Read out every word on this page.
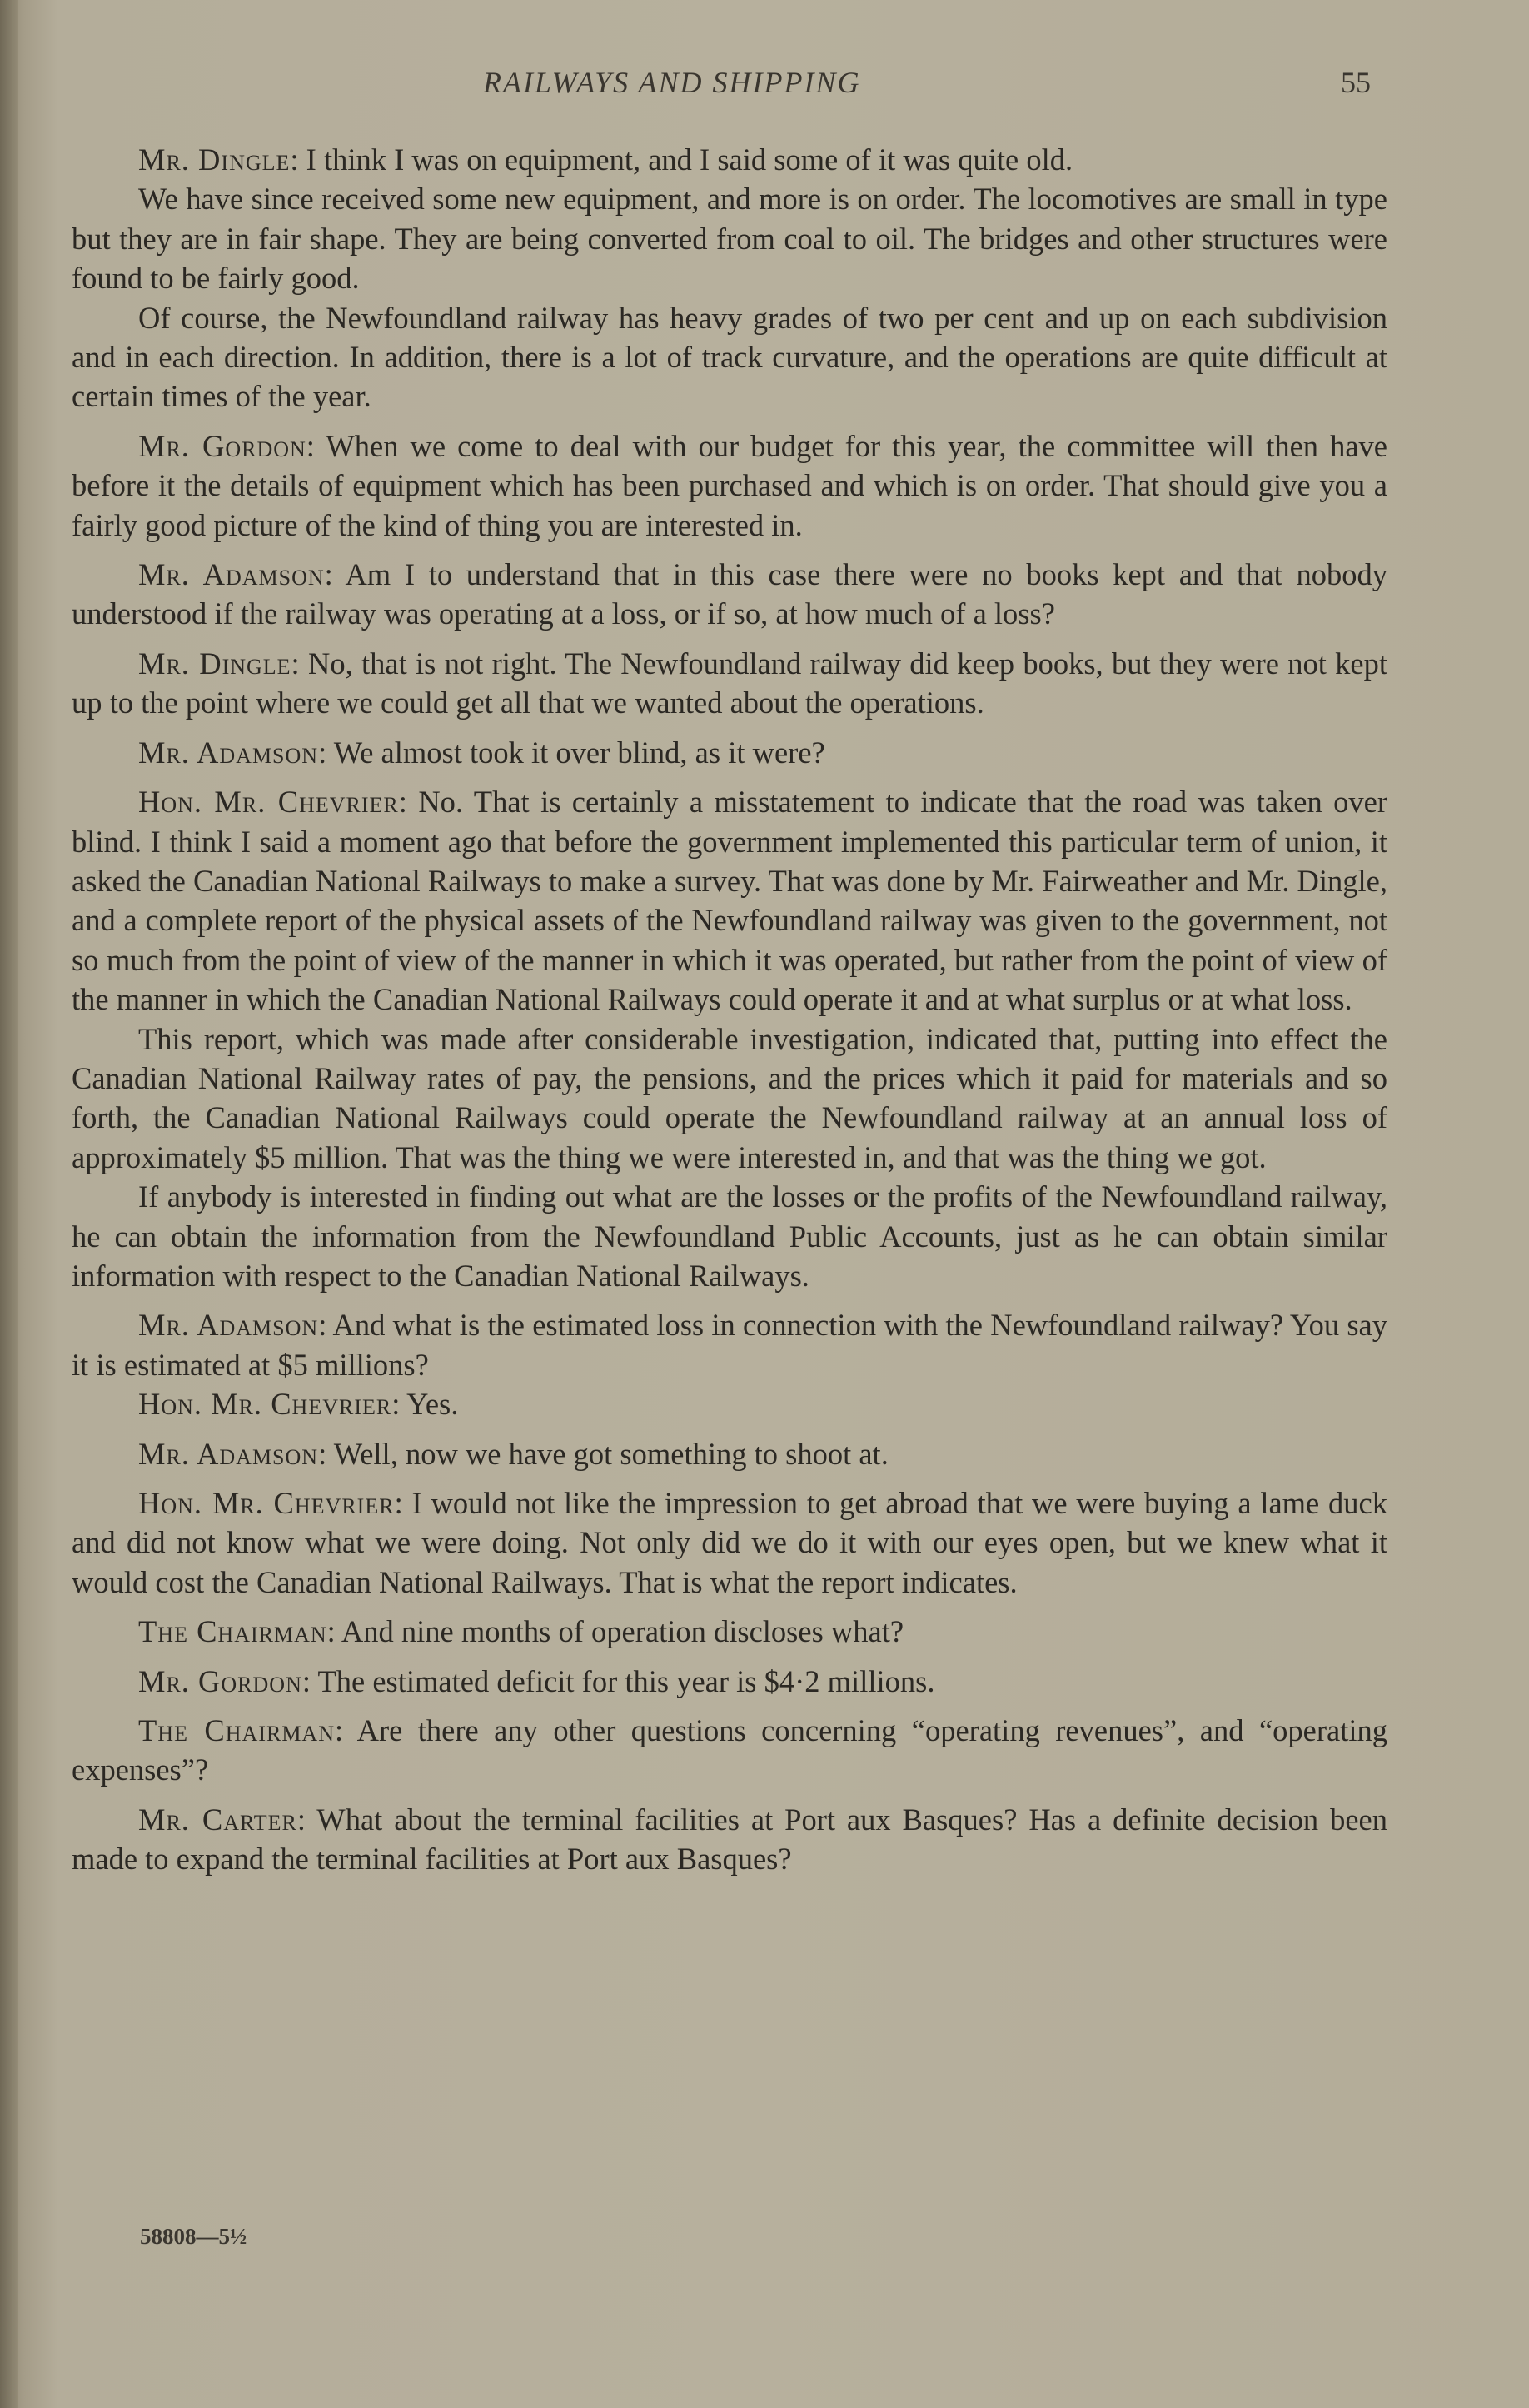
RAILWAYS AND SHIPPING	55

Mr. Dingle: I think I was on equipment, and I said some of it was quite old.

We have since received some new equipment, and more is on order. The locomotives are small in type but they are in fair shape. They are being converted from coal to oil. The bridges and other structures were found to be fairly good.

Of course, the Newfoundland railway has heavy grades of two per cent and up on each subdivision and in each direction. In addition, there is a lot of track curvature, and the operations are quite difficult at certain times of the year.

Mr. Gordon: When we come to deal with our budget for this year, the committee will then have before it the details of equipment which has been purchased and which is on order. That should give you a fairly good picture of the kind of thing you are interested in.

Mr. Adamson: Am I to understand that in this case there were no books kept and that nobody understood if the railway was operating at a loss, or if so, at how much of a loss?

Mr. Dingle: No, that is not right. The Newfoundland railway did keep books, but they were not kept up to the point where we could get all that we wanted about the operations.

Mr. Adamson: We almost took it over blind, as it were?

Hon. Mr. Chevrier: No. That is certainly a misstatement to indicate that the road was taken over blind. I think I said a moment ago that before the government implemented this particular term of union, it asked the Canadian National Railways to make a survey. That was done by Mr. Fairweather and Mr. Dingle, and a complete report of the physical assets of the Newfoundland railway was given to the government, not so much from the point of view of the manner in which it was operated, but rather from the point of view of the manner in which the Canadian National Railways could operate it and at what surplus or at what loss.

This report, which was made after considerable investigation, indicated that, putting into effect the Canadian National Railway rates of pay, the pensions, and the prices which it paid for materials and so forth, the Canadian National Railways could operate the Newfoundland railway at an annual loss of approximately $5 million. That was the thing we were interested in, and that was the thing we got.

If anybody is interested in finding out what are the losses or the profits of the Newfoundland railway, he can obtain the information from the Newfoundland Public Accounts, just as he can obtain similar information with respect to the Canadian National Railways.

Mr. Adamson: And what is the estimated loss in connection with the Newfoundland railway? You say it is estimated at $5 millions?

Hon. Mr. Chevrier: Yes.

Mr. Adamson: Well, now we have got something to shoot at.

Hon. Mr. Chevrier: I would not like the impression to get abroad that we were buying a lame duck and did not know what we were doing. Not only did we do it with our eyes open, but we knew what it would cost the Canadian National Railways. That is what the report indicates.

The Chairman: And nine months of operation discloses what?

Mr. Gordon: The estimated deficit for this year is $4·2 millions.

The Chairman: Are there any other questions concerning “operating revenues”, and “operating expenses”?

Mr. Carter: What about the terminal facilities at Port aux Basques? Has a definite decision been made to expand the terminal facilities at Port aux Basques?

58808—5½
